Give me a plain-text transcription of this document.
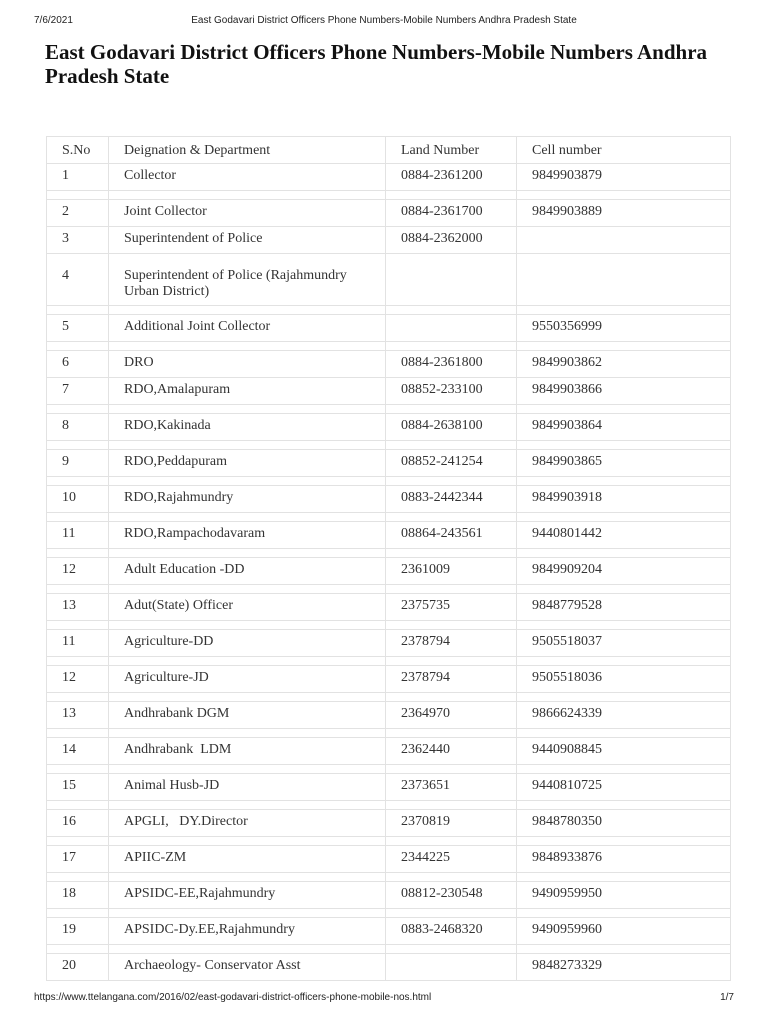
7/6/2021	East Godavari District Officers Phone Numbers-Mobile Numbers Andhra Pradesh State
East Godavari District Officers Phone Numbers-Mobile Numbers Andhra Pradesh State
S.No	Deignation & Department	Land Number	Cell number
1	Collector	0884-2361200	9849903879

2	Joint Collector	0884-2361700	9849903889
3	Superintendent of Police	0884-2362000	
4	Superintendent of Police (Rajahmundry Urban District)		

5	Additional Joint Collector		9550356999

6	DRO	0884-2361800	9849903862
7	RDO,Amalapuram	08852-233100	9849903866

8	RDO,Kakinada	0884-2638100	9849903864

9	RDO,Peddapuram	08852-241254	9849903865

10	RDO,Rajahmundry	0883-2442344	9849903918

11	RDO,Rampachodavaram	08864-243561	9440801442

12	Adult Education -DD	2361009	9849909204

13	Adut(State) Officer	2375735	9848779528

11	Agriculture-DD	2378794	9505518037

12	Agriculture-JD	2378794	9505518036

13	Andhrabank DGM	2364970	9866624339

14	Andhrabank  LDM	2362440	9440908845

15	Animal Husb-JD	2373651	9440810725

16	APGLI,   DY.Director	2370819	9848780350

17	APIIC-ZM	2344225	9848933876

18	APSIDC-EE,Rajahmundry	08812-230548	9490959950

19	APSIDC-Dy.EE,Rajahmundry	0883-2468320	9490959960

20	Archaeology- Conservator Asst		9848273329
https://www.ttelangana.com/2016/02/east-godavari-district-officers-phone-mobile-nos.html	1/7
